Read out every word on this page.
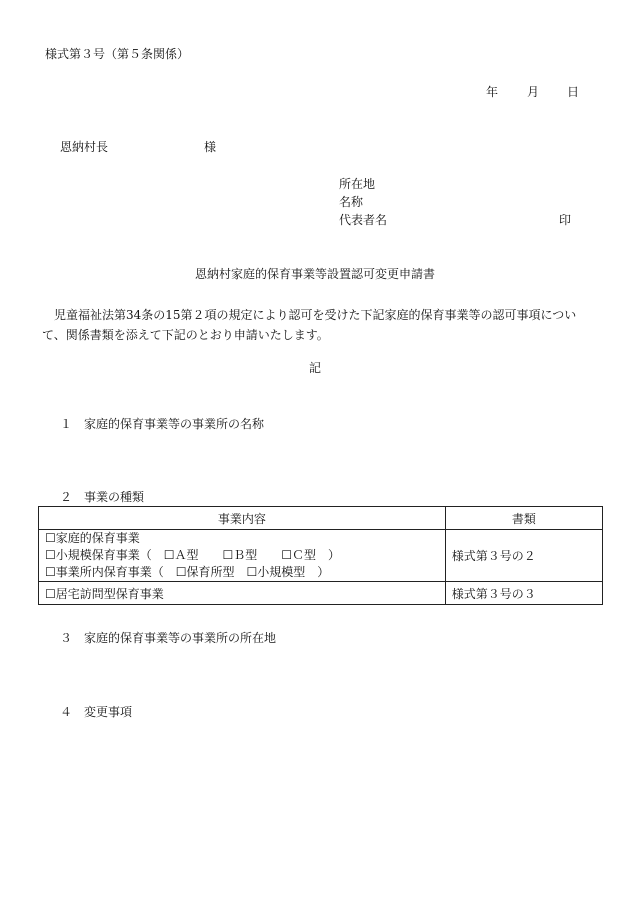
様式第３号（第５条関係）
年 月 日
恩納村長	様
所在地
名称
代表者名	印
恩納村家庭的保育事業等設置認可変更申請書
児童福祉法第34条の15第２項の規定により認可を受けた下記家庭的保育事業等の認可事項について、関係書類を添えて下記のとおり申請いたします。
記
１　家庭的保育事業等の事業所の名称
２　事業の種類
事業内容	書類

☐家庭的保育事業
☐小規模保育事業（　☐Ａ型　　☐Ｂ型　　☐Ｃ型　）
☐事業所内保育事業（　☐保育所型　☐小規模型　）	様式第３号の２
☐居宅訪問型保育事業	様式第３号の３
３　家庭的保育事業等の事業所の所在地
４　変更事項
